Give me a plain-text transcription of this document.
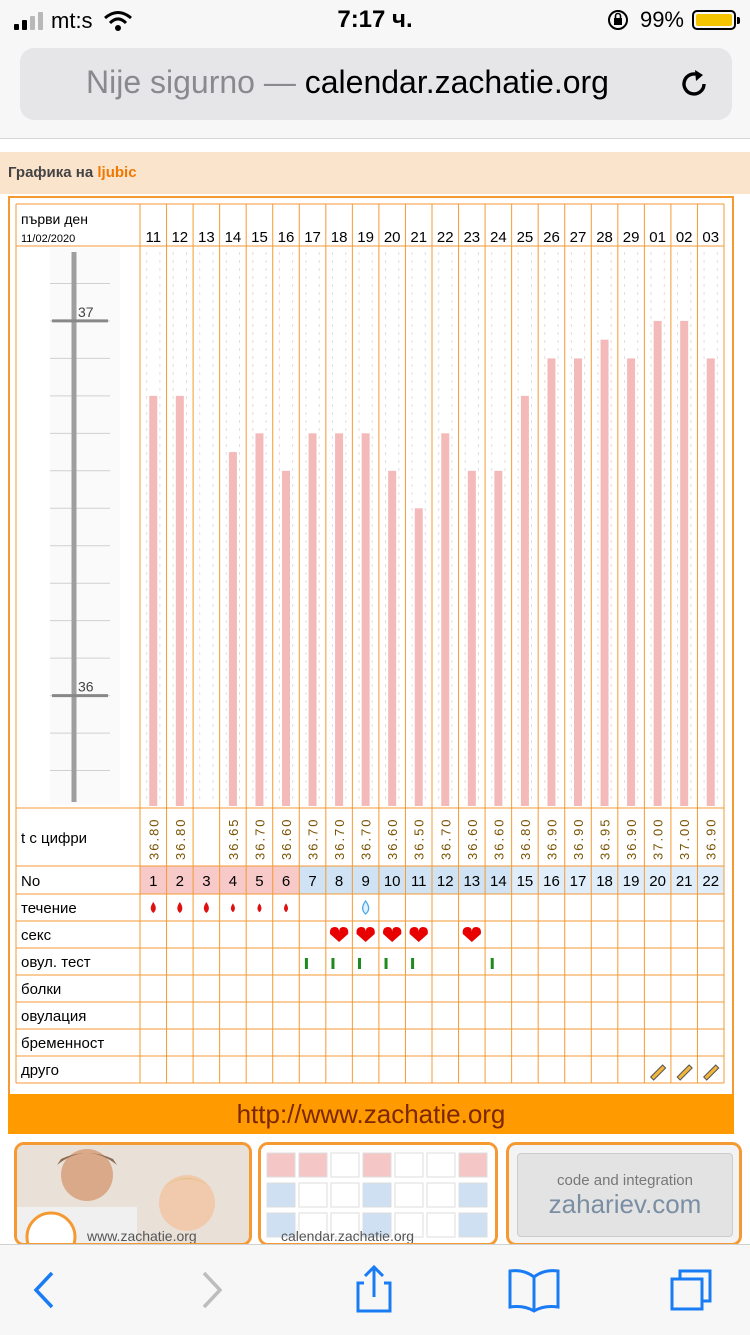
mt:s	7:17 ч.	99%
Nije sigurno — calendar.zachatie.org
Графика на ljubic
37
36
първи ден
11/02/2020	11 12 13 14 15 16 17 18 19 20 21 22 23 24 25 26 27 28 29 01 02 03
t с цифри	36.80 36.80	36.65 36.70 36.60 36.70 36.70 36.70 36.60 36.50 36.70 36.60 36.60 36.80 36.90 36.90 36.95 36.90 37.00 37.00 36.90
No	1 2 3 4 5 6 7 8 9 10 11 12 13 14 15 16 17 18 19 20 21 22
течение
секс
овул. тест
болки
овулация
бременност
друго
http://www.zachatie.org
www.zachatie.org	calendar.zachatie.org
code and integration
zahariev.com
